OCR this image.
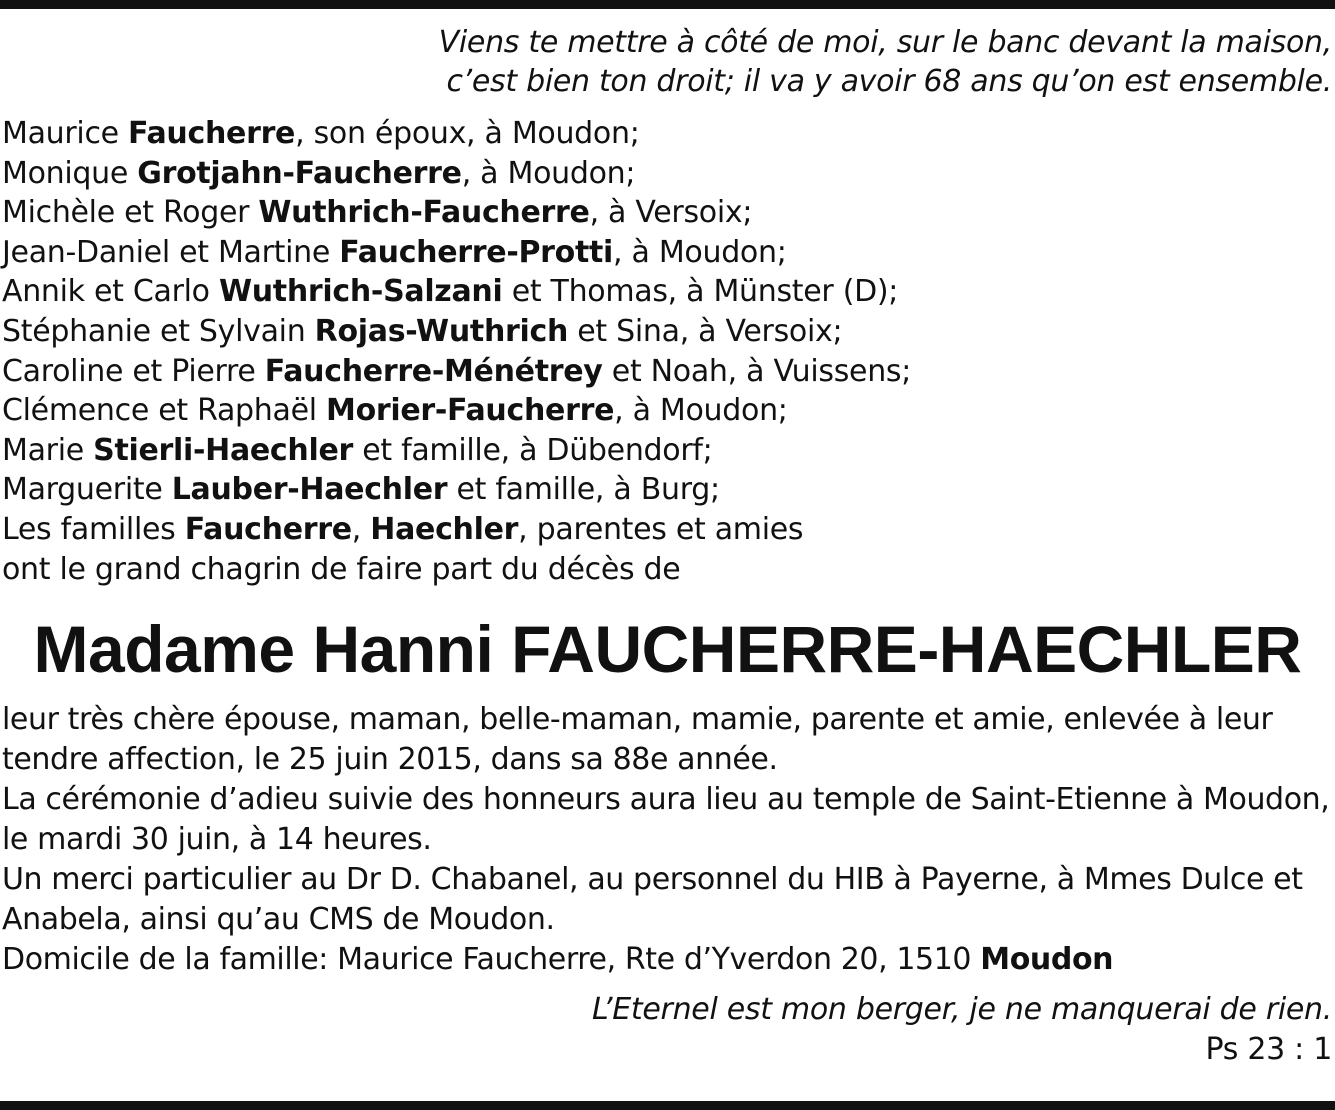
Viens te mettre à côté de moi, sur le banc devant la maison,
c’est bien ton droit; il va y avoir 68 ans qu’on est ensemble.
Maurice Faucherre, son époux, à Moudon;
Monique Grotjahn-Faucherre, à Moudon;
Michèle et Roger Wuthrich-Faucherre, à Versoix;
Jean-Daniel et Martine Faucherre-Protti, à Moudon;
Annik et Carlo Wuthrich-Salzani et Thomas, à Münster (D);
Stéphanie et Sylvain Rojas-Wuthrich et Sina, à Versoix;
Caroline et Pierre Faucherre-Ménétrey et Noah, à Vuissens;
Clémence et Raphaël Morier-Faucherre, à Moudon;
Marie Stierli-Haechler et famille, à Dübendorf;
Marguerite Lauber-Haechler et famille, à Burg;
Les familles Faucherre, Haechler, parentes et amies
ont le grand chagrin de faire part du décès de
Madame Hanni FAUCHERRE-HAECHLER

leur très chère épouse, maman, belle-maman, mamie, parente et amie, enlevée à leur tendre affection, le 25 juin 2015, dans sa 88e année.

La cérémonie d’adieu suivie des honneurs aura lieu au temple de Saint-Etienne à Moudon, le mardi 30 juin, à 14 heures.

Un merci particulier au Dr D. Chabanel, au personnel du HIB à Payerne, à Mmes Dulce et Anabela, ainsi qu’au CMS de Moudon.

Domicile de la famille: Maurice Faucherre, Rte d’Yverdon 20, 1510 Moudon

L’Eternel est mon berger, je ne manquerai de rien.
Ps 23 : 1
